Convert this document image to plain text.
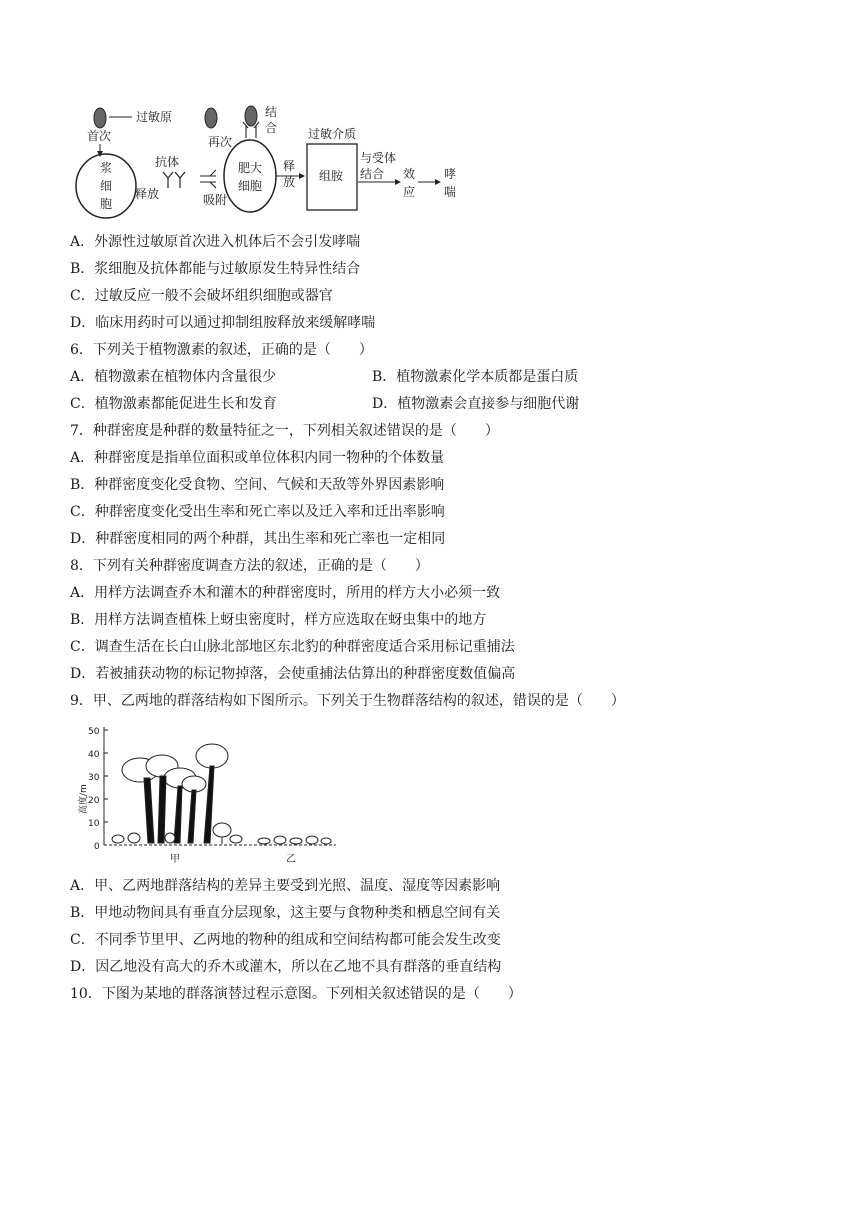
过敏原
首次
浆
细
胞
抗体
释放	吸附
再次
结
合
肥大
细胞
释
放
过敏介质
组胺
与受体
结合 效
应
哮
喘
A．外源性过敏原首次进入机体后不会引发哮喘
B．浆细胞及抗体都能与过敏原发生特异性结合
C．过敏反应一般不会破坏组织细胞或器官
D．临床用药时可以通过抑制组胺释放来缓解哮喘
6．下列关于植物激素的叙述，正确的是（　　）
A．植物激素在植物体内含量很少	B．植物激素化学本质都是蛋白质
C．植物激素都能促进生长和发育	D．植物激素会直接参与细胞代谢
7．种群密度是种群的数量特征之一，下列相关叙述错误的是（　　）
A．种群密度是指单位面积或单位体积内同一物种的个体数量
B．种群密度变化受食物、空间、气候和天敌等外界因素影响
C．种群密度变化受出生率和死亡率以及迁入率和迁出率影响
D．种群密度相同的两个种群，其出生率和死亡率也一定相同
8．下列有关种群密度调查方法的叙述，正确的是（　　）
A．用样方法调查乔木和灌木的种群密度时，所用的样方大小必须一致
B．用样方法调查植株上蚜虫密度时，样方应选取在蚜虫集中的地方
C．调查生活在长白山脉北部地区东北豹的种群密度适合采用标记重捕法
D．若被捕获动物的标记物掉落，会使重捕法估算出的种群密度数值偏高
9．甲、乙两地的群落结构如下图所示。下列关于生物群落结构的叙述，错误的是（　　）
50
40
30
20
10
0
高度/m
甲	乙
A．甲、乙两地群落结构的差异主要受到光照、温度、湿度等因素影响
B．甲地动物间具有垂直分层现象，这主要与食物种类和栖息空间有关
C．不同季节里甲、乙两地的物种的组成和空间结构都可能会发生改变
D．因乙地没有高大的乔木或灌木，所以在乙地不具有群落的垂直结构
10．下图为某地的群落演替过程示意图。下列相关叙述错误的是（　　）
